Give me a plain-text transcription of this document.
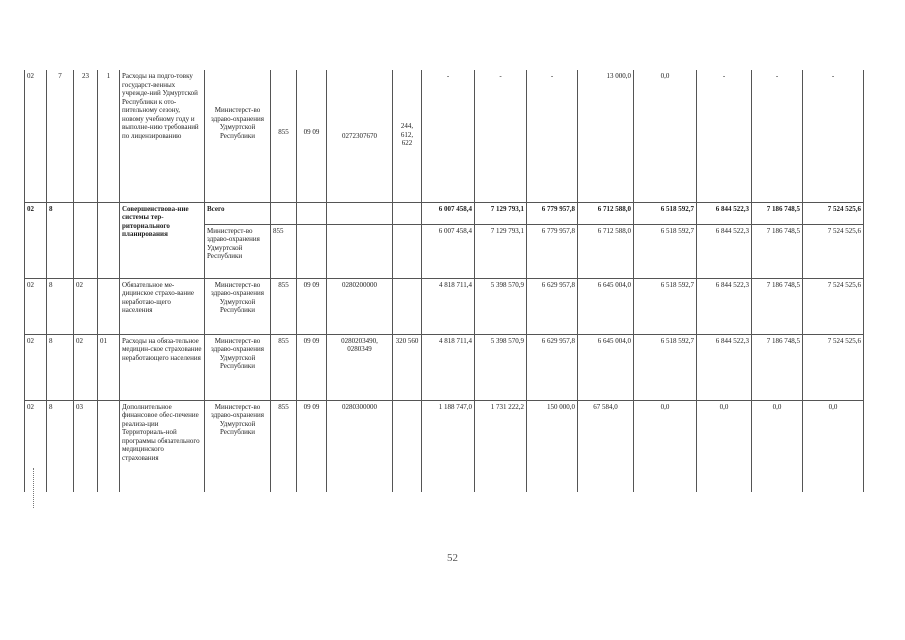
02	7	23	1	Расходы на подго-товку государст-венных учрежде-ний Удмуртской Республики к ото-пительному сезону, новому учебному году и выполне-нию требований по лицензированию	Министерст-во здраво-охранения Удмуртской Республики	855	09 09	0272307670	244, 612, 622	-	-	-	13 000,0	0,0	-	-	-
02	8			Совершенствова-ние системы тер-риториального планирования	Всего					6 007 458,4	7 129 793,1	6 779 957,8	6 712 588,0	6 518 592,7	6 844 522,3	7 186 748,5	7 524 525,6
					Министерст-во здраво-охранения Удмуртской Республики	855				6 007 458,4	7 129 793,1	6 779 957,8	6 712 588,0	6 518 592,7	6 844 522,3	7 186 748,5	7 524 525,6
02	8	02		Обязательное ме-дицинское страхо-вание неработаю-щего населения	Министерст-во здраво-охранения Удмуртской Республики	855	09 09	0280200000		4 818 711,4	5 398 570,9	6 629 957,8	6 645 004,0	6 518 592,7	6 844 522,3	7 186 748,5	7 524 525,6
02	8	02	01	Расходы на обяза-тельное медицин-ское страхование неработающего населения	Министерст-во здраво-охранения Удмуртской Республики	855	09 09	0280203490, 0280349	320 560	4 818 711,4	5 398 570,9	6 629 957,8	6 645 004,0	6 518 592,7	6 844 522,3	7 186 748,5	7 524 525,6
02	8	03		Дополнительное финансовое обес-печение реализа-ции Территориаль-ной программы обязательного медицинского страхования	Министерст-во здраво-охранения Удмуртской Республики	855	09 09	0280300000		1 188 747,0	1 731 222,2	150 000,0	67 584,0	0,0	0,0	0,0	0,0
52
